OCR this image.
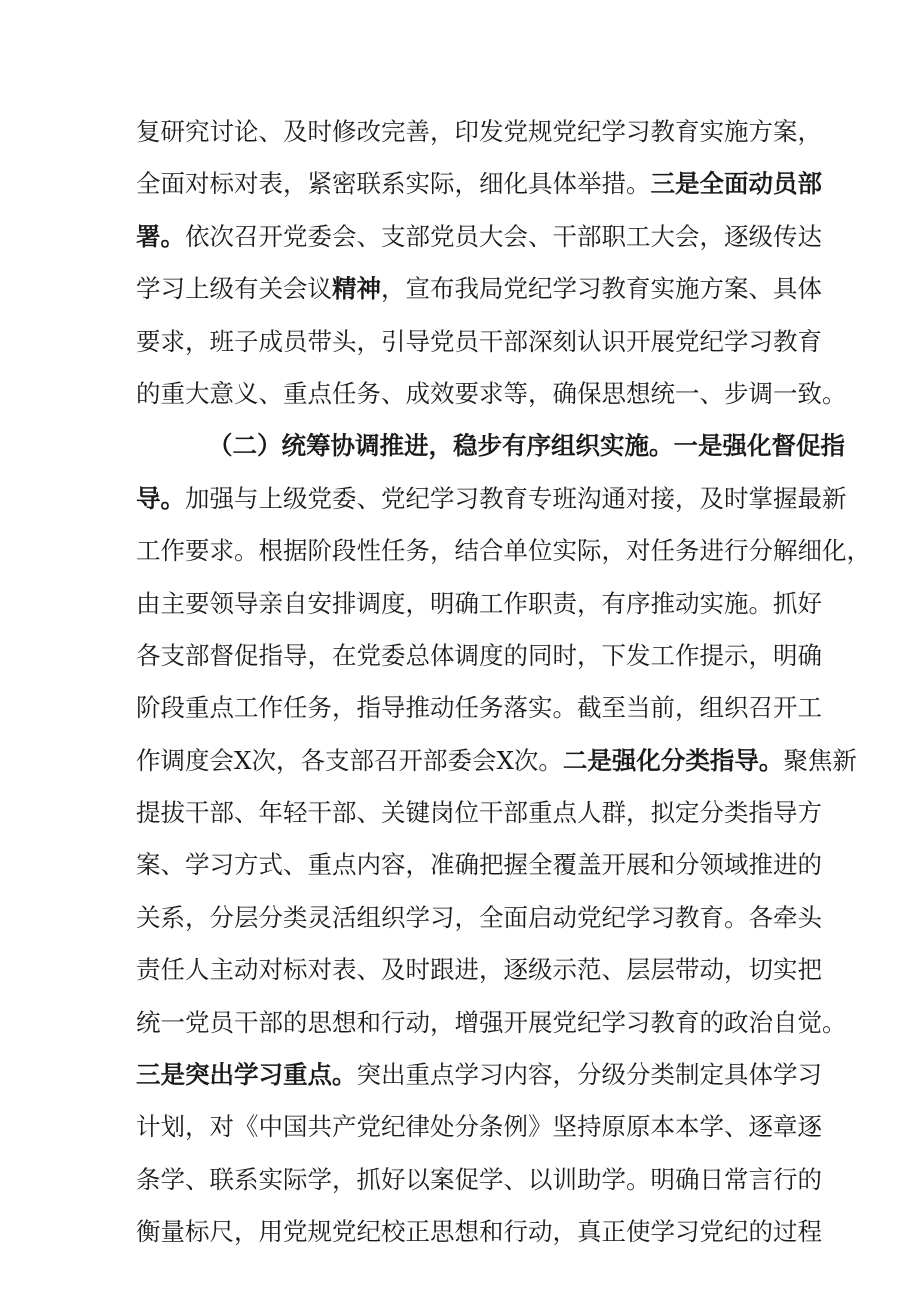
复研究讨论、及时修改完善，印发党规党纪学习教育实施方案，
全面对标对表，紧密联系实际，细化具体举措。三是全面动员部
署。依次召开党委会、支部党员大会、干部职工大会，逐级传达
学习上级有关会议精神，宣布我局党纪学习教育实施方案、具体
要求，班子成员带头，引导党员干部深刻认识开展党纪学习教育
的重大意义、重点任务、成效要求等，确保思想统一、步调一致。
（二）统筹协调推进，稳步有序组织实施。一是强化督促指
导。加强与上级党委、党纪学习教育专班沟通对接，及时掌握最新
工作要求。根据阶段性任务，结合单位实际，对任务进行分解细化，
由主要领导亲自安排调度，明确工作职责，有序推动实施。抓好
各支部督促指导，在党委总体调度的同时，下发工作提示，明确
阶段重点工作任务，指导推动任务落实。截至当前，组织召开工
作调度会X次，各支部召开部委会X次。二是强化分类指导。聚焦新
提拔干部、年轻干部、关键岗位干部重点人群，拟定分类指导方
案、学习方式、重点内容，准确把握全覆盖开展和分领域推进的
关系，分层分类灵活组织学习，全面启动党纪学习教育。各牵头
责任人主动对标对表、及时跟进，逐级示范、层层带动，切实把
统一党员干部的思想和行动，增强开展党纪学习教育的政治自觉。
三是突出学习重点。突出重点学习内容，分级分类制定具体学习
计划，对《中国共产党纪律处分条例》坚持原原本本学、逐章逐
条学、联系实际学，抓好以案促学、以训助学。明确日常言行的
衡量标尺，用党规党纪校正思想和行动，真正使学习党纪的过程
